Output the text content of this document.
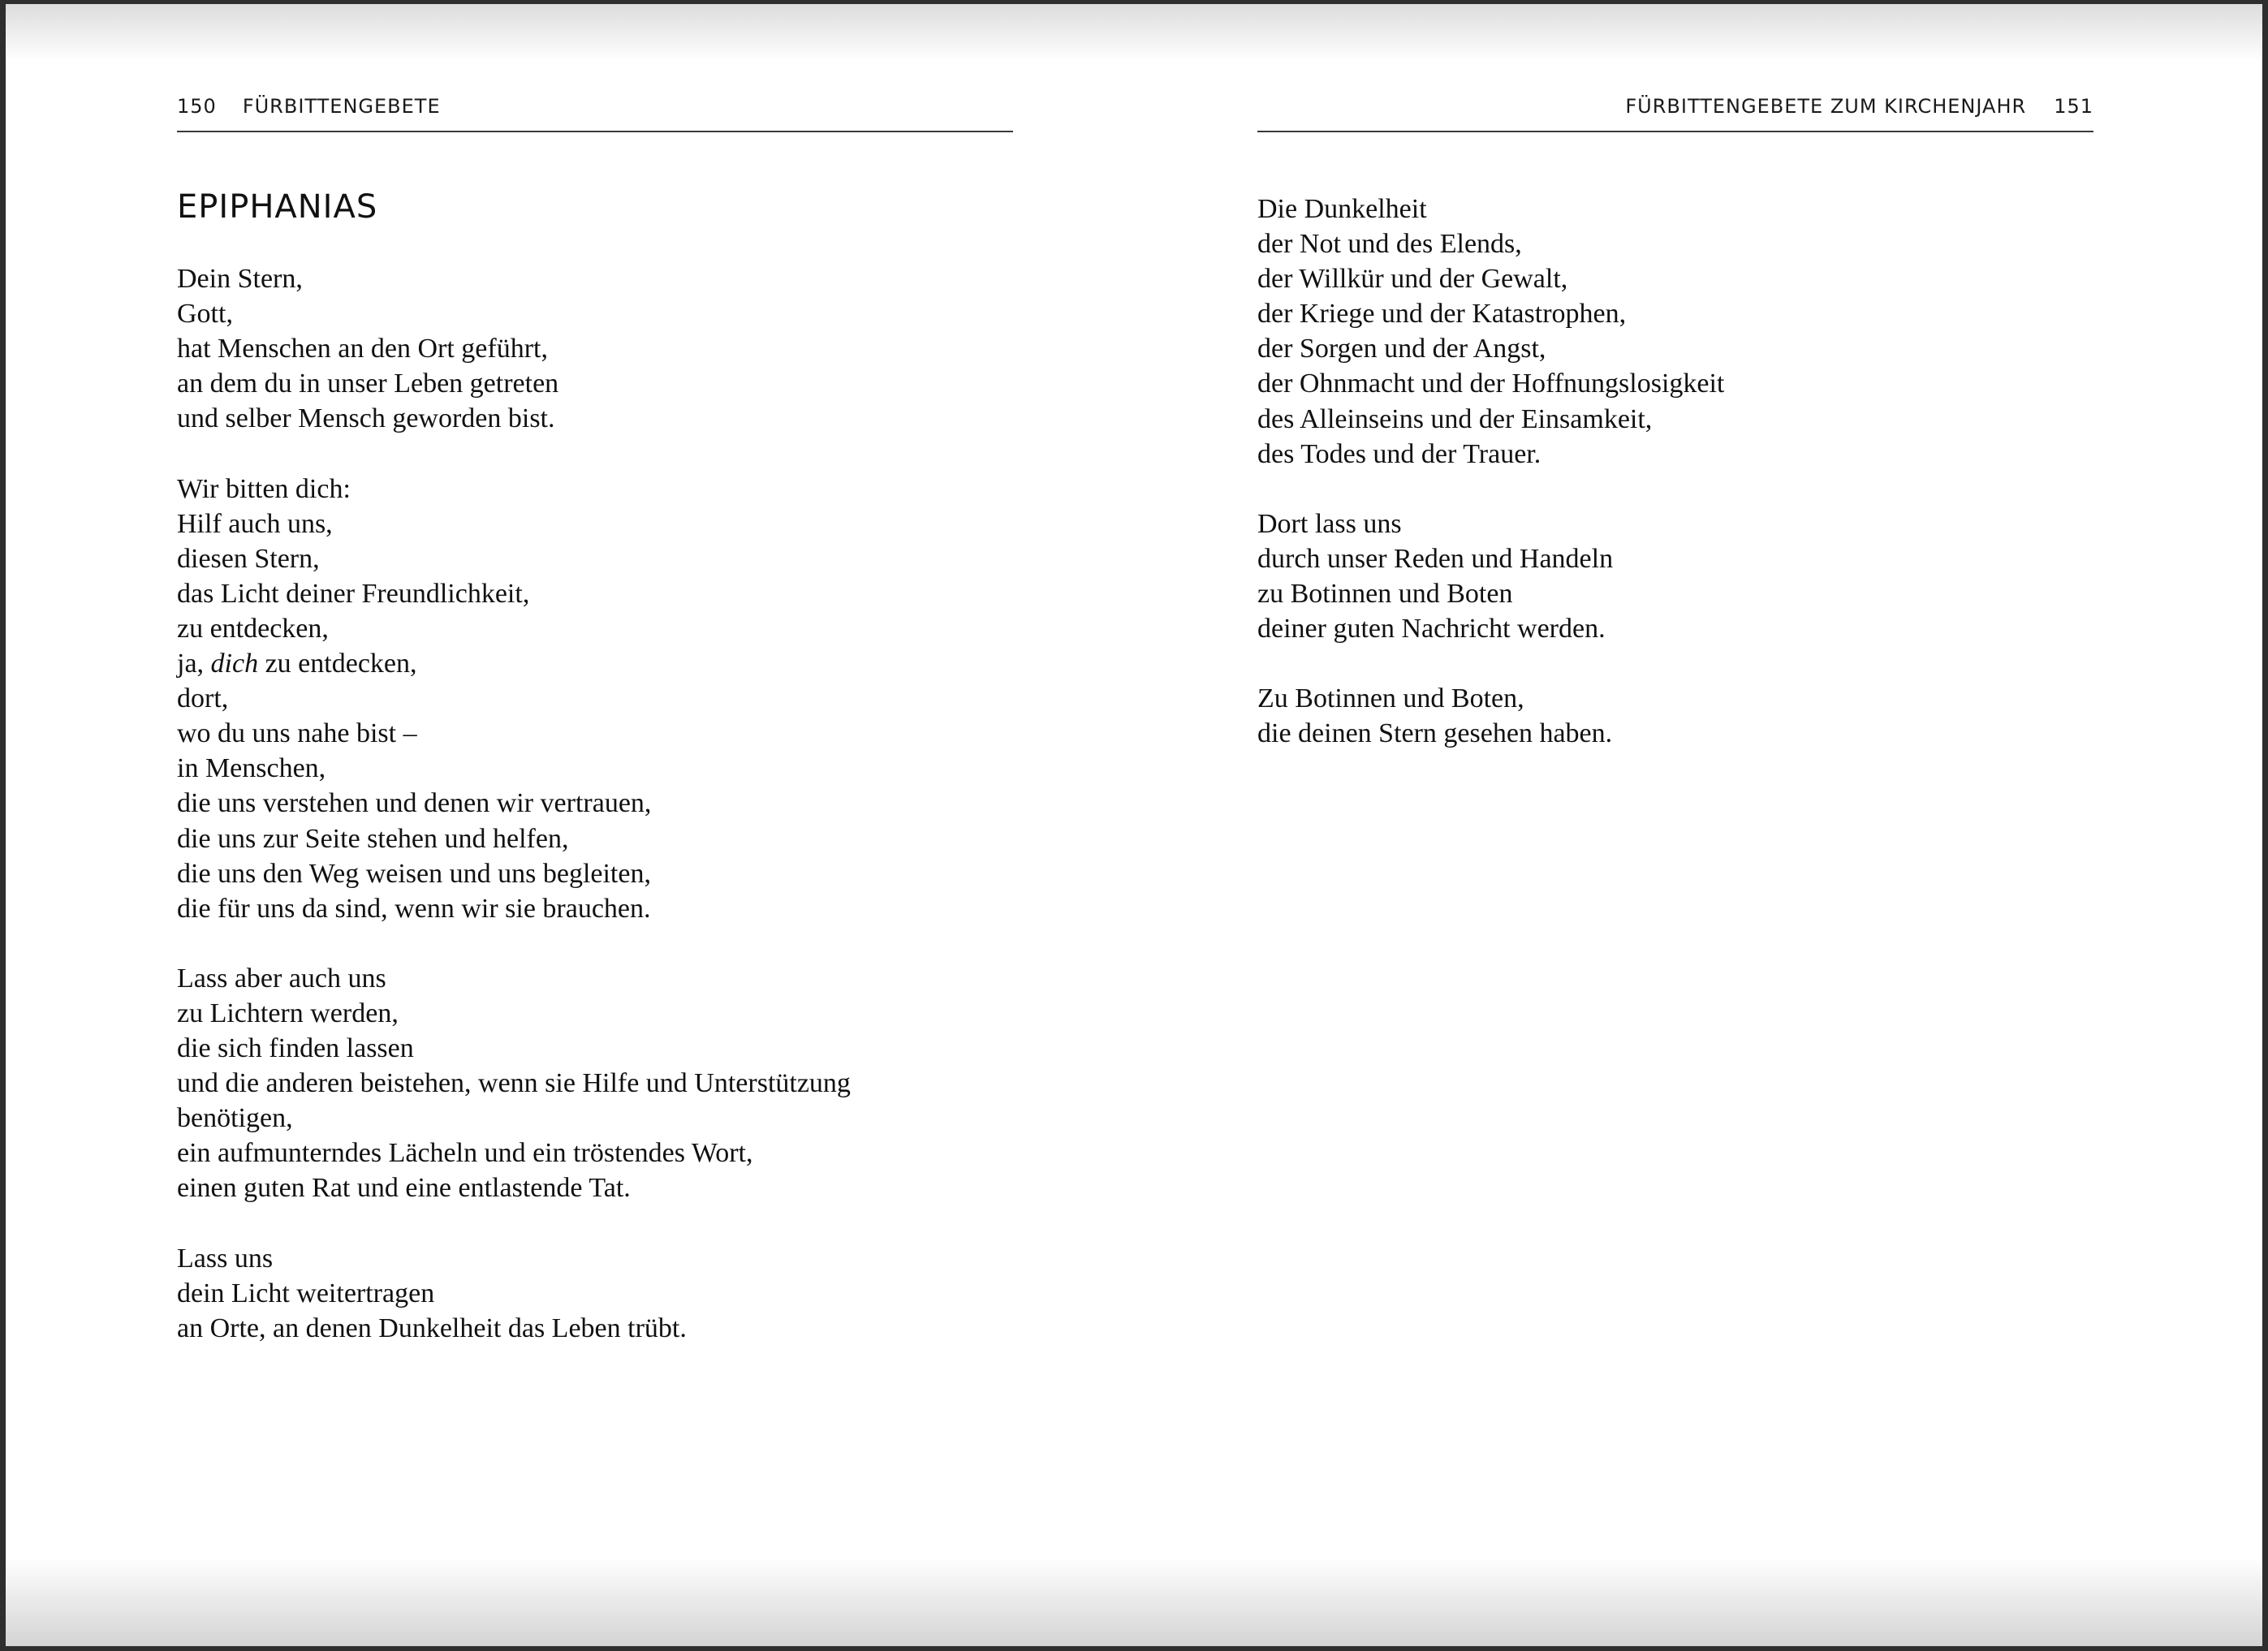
150 FÜRBITTENGEBETE
EPIPHANIAS

Dein Stern,
Gott,
hat Menschen an den Ort geführt,
an dem du in unser Leben getreten
und selber Mensch geworden bist.

Wir bitten dich:
Hilf auch uns,
diesen Stern,
das Licht deiner Freundlichkeit,
zu entdecken,
ja, dich zu entdecken,
dort,
wo du uns nahe bist –
in Menschen,
die uns verstehen und denen wir vertrauen,
die uns zur Seite stehen und helfen,
die uns den Weg weisen und uns begleiten,
die für uns da sind, wenn wir sie brauchen.

Lass aber auch uns
zu Lichtern werden,
die sich finden lassen
und die anderen beistehen, wenn sie Hilfe und Unterstützung
benötigen,
ein aufmunterndes Lächeln und ein tröstendes Wort,
einen guten Rat und eine entlastende Tat.

Lass uns
dein Licht weitertragen
an Orte, an denen Dunkelheit das Leben trübt.

FÜRBITTENGEBETE ZUM KIRCHENJAHR 151

Die Dunkelheit
der Not und des Elends,
der Willkür und der Gewalt,
der Kriege und der Katastrophen,
der Sorgen und der Angst,
der Ohnmacht und der Hoffnungslosigkeit
des Alleinseins und der Einsamkeit,
des Todes und der Trauer.

Dort lass uns
durch unser Reden und Handeln
zu Botinnen und Boten
deiner guten Nachricht werden.

Zu Botinnen und Boten,
die deinen Stern gesehen haben.
